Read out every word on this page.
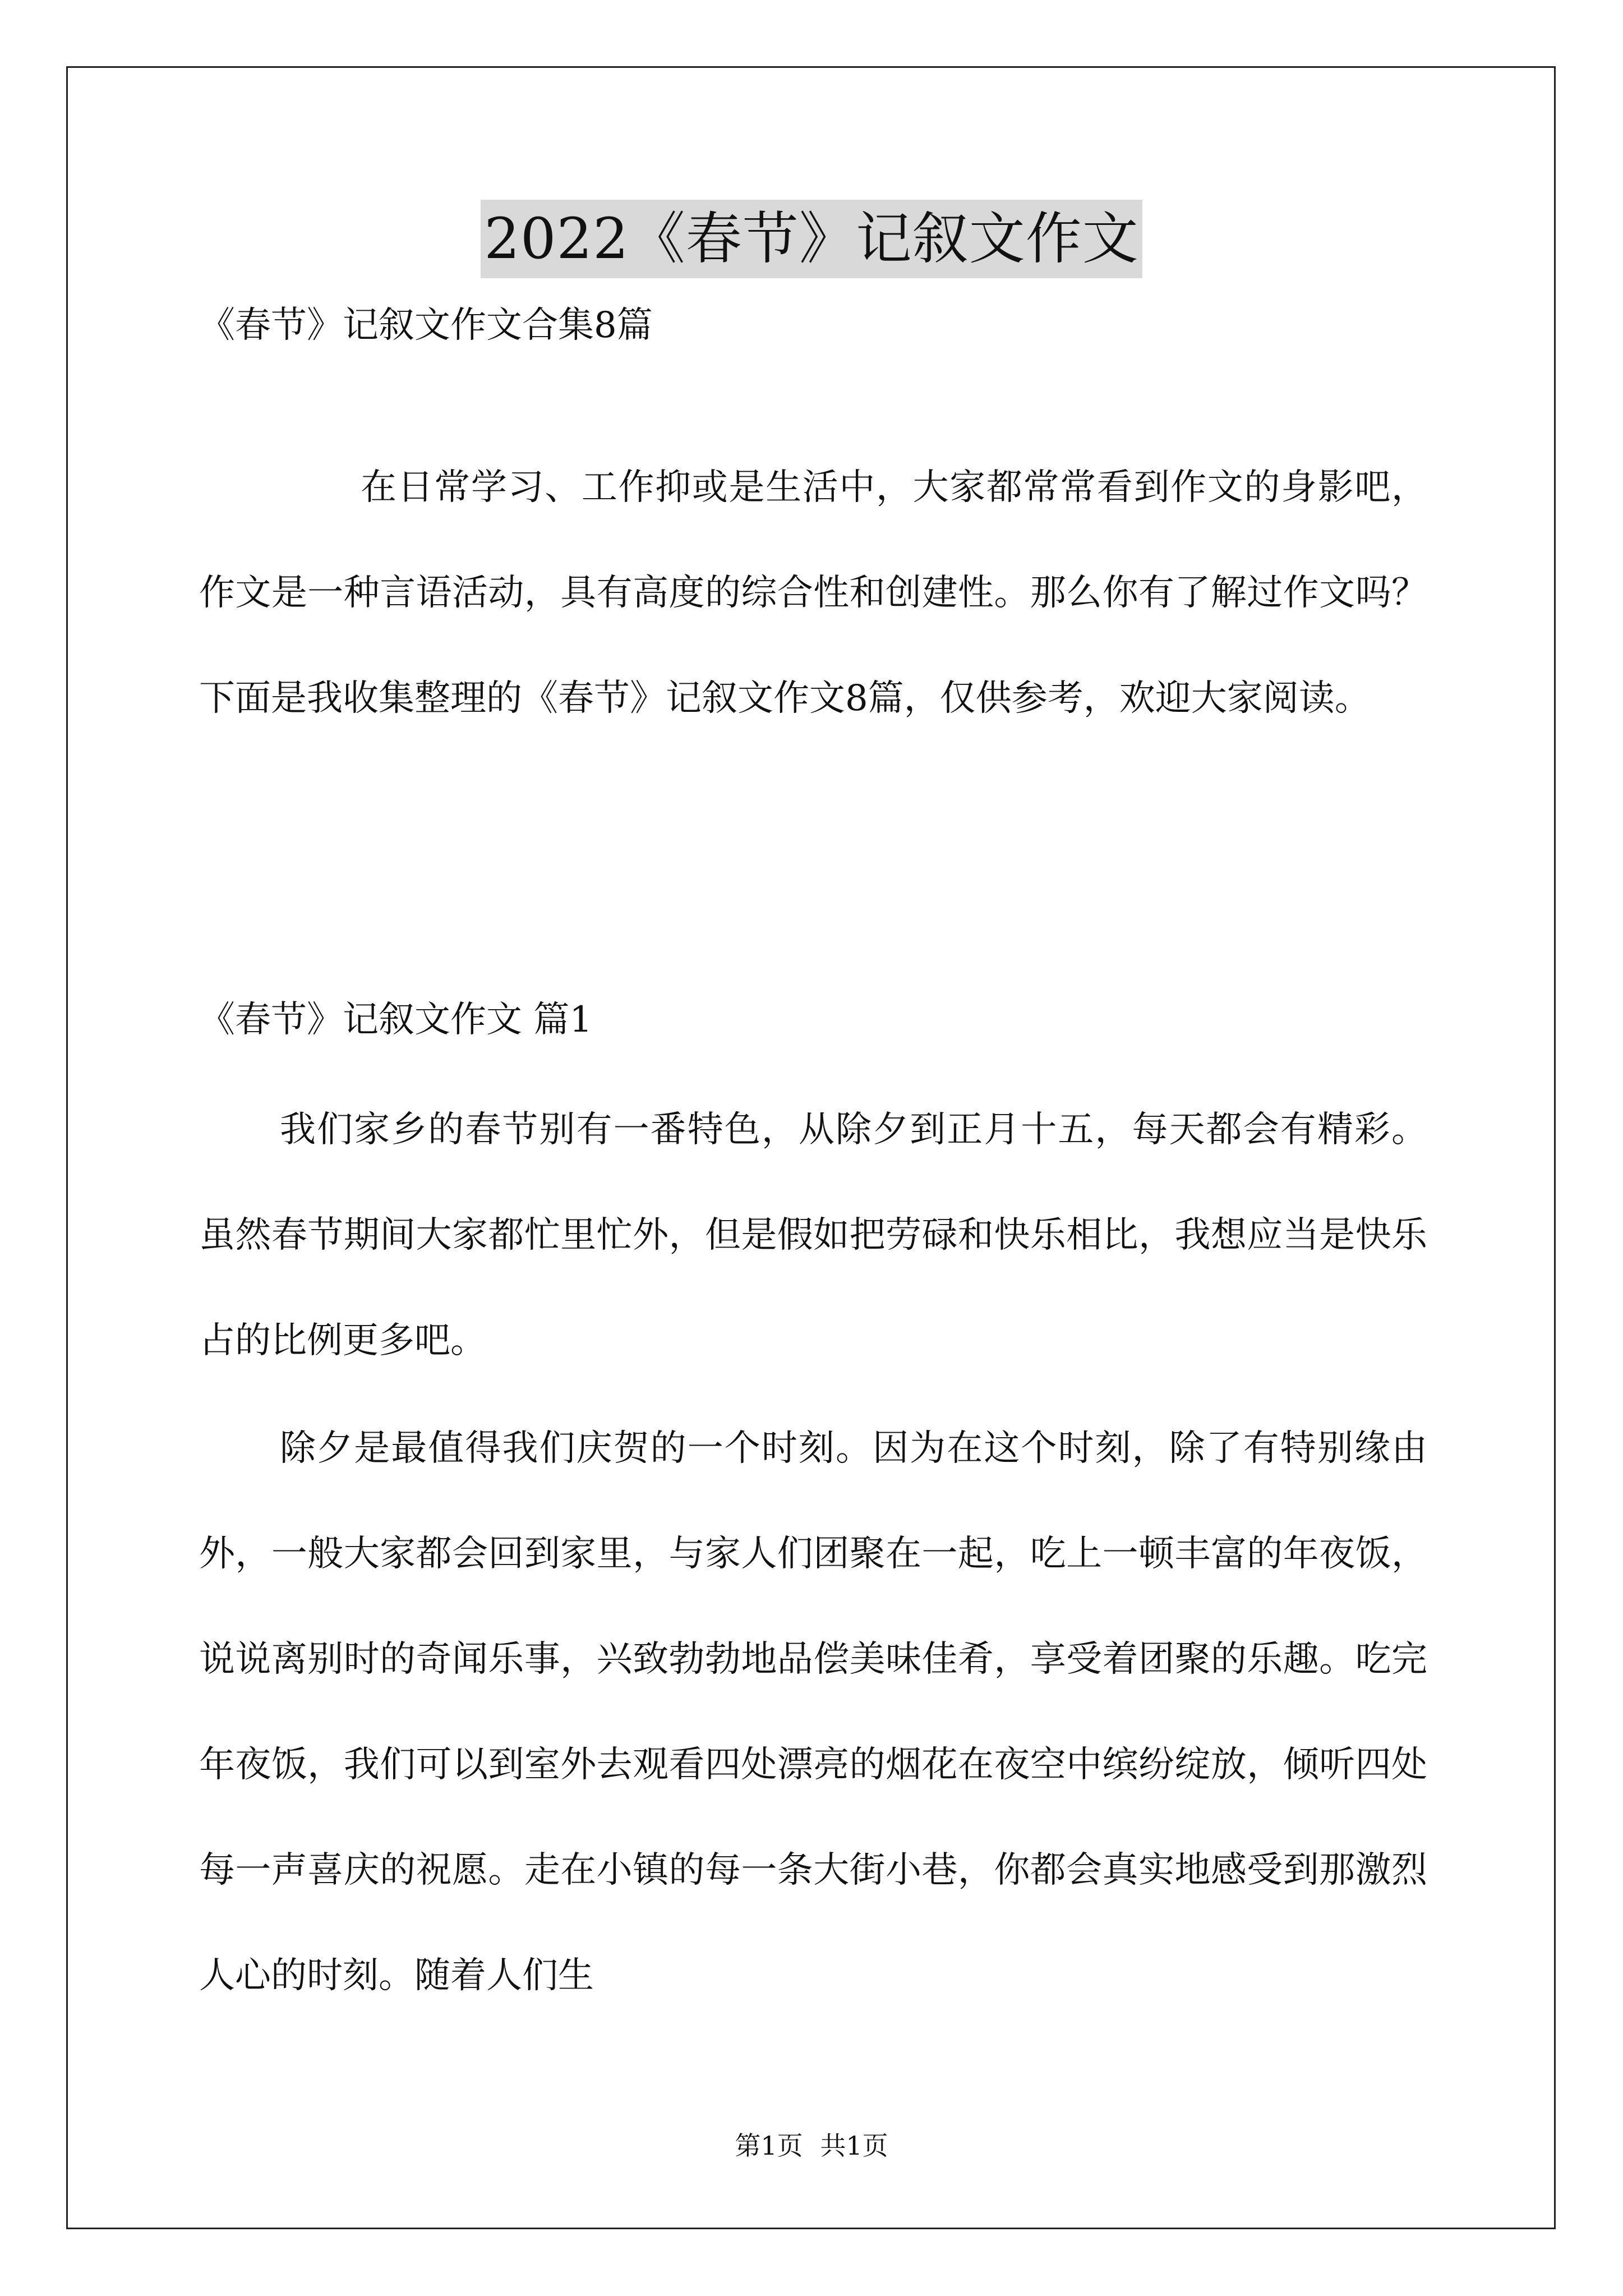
2022《春节》记叙文作文
《春节》记叙文作文合集8篇
在日常学习、工作抑或是生活中，大家都常常看到作文的身影吧，作文是一种言语活动，具有高度的综合性和创建性。那么你有了解过作文吗？下面是我收集整理的《春节》记叙文作文8篇，仅供参考，欢迎大家阅读。
《春节》记叙文作文 篇1
我们家乡的春节别有一番特色，从除夕到正月十五，每天都会有精彩。虽然春节期间大家都忙里忙外，但是假如把劳碌和快乐相比，我想应当是快乐占的比例更多吧。
除夕是最值得我们庆贺的一个时刻。因为在这个时刻，除了有特别缘由外，一般大家都会回到家里，与家人们团聚在一起，吃上一顿丰富的年夜饭，说说离别时的奇闻乐事，兴致勃勃地品偿美味佳肴，享受着团聚的乐趣。吃完年夜饭，我们可以到室外去观看四处漂亮的烟花在夜空中缤纷绽放，倾听四处每一声喜庆的祝愿。走在小镇的每一条大街小巷，你都会真实地感受到那激烈人心的时刻。随着人们生
第1页 共1页
